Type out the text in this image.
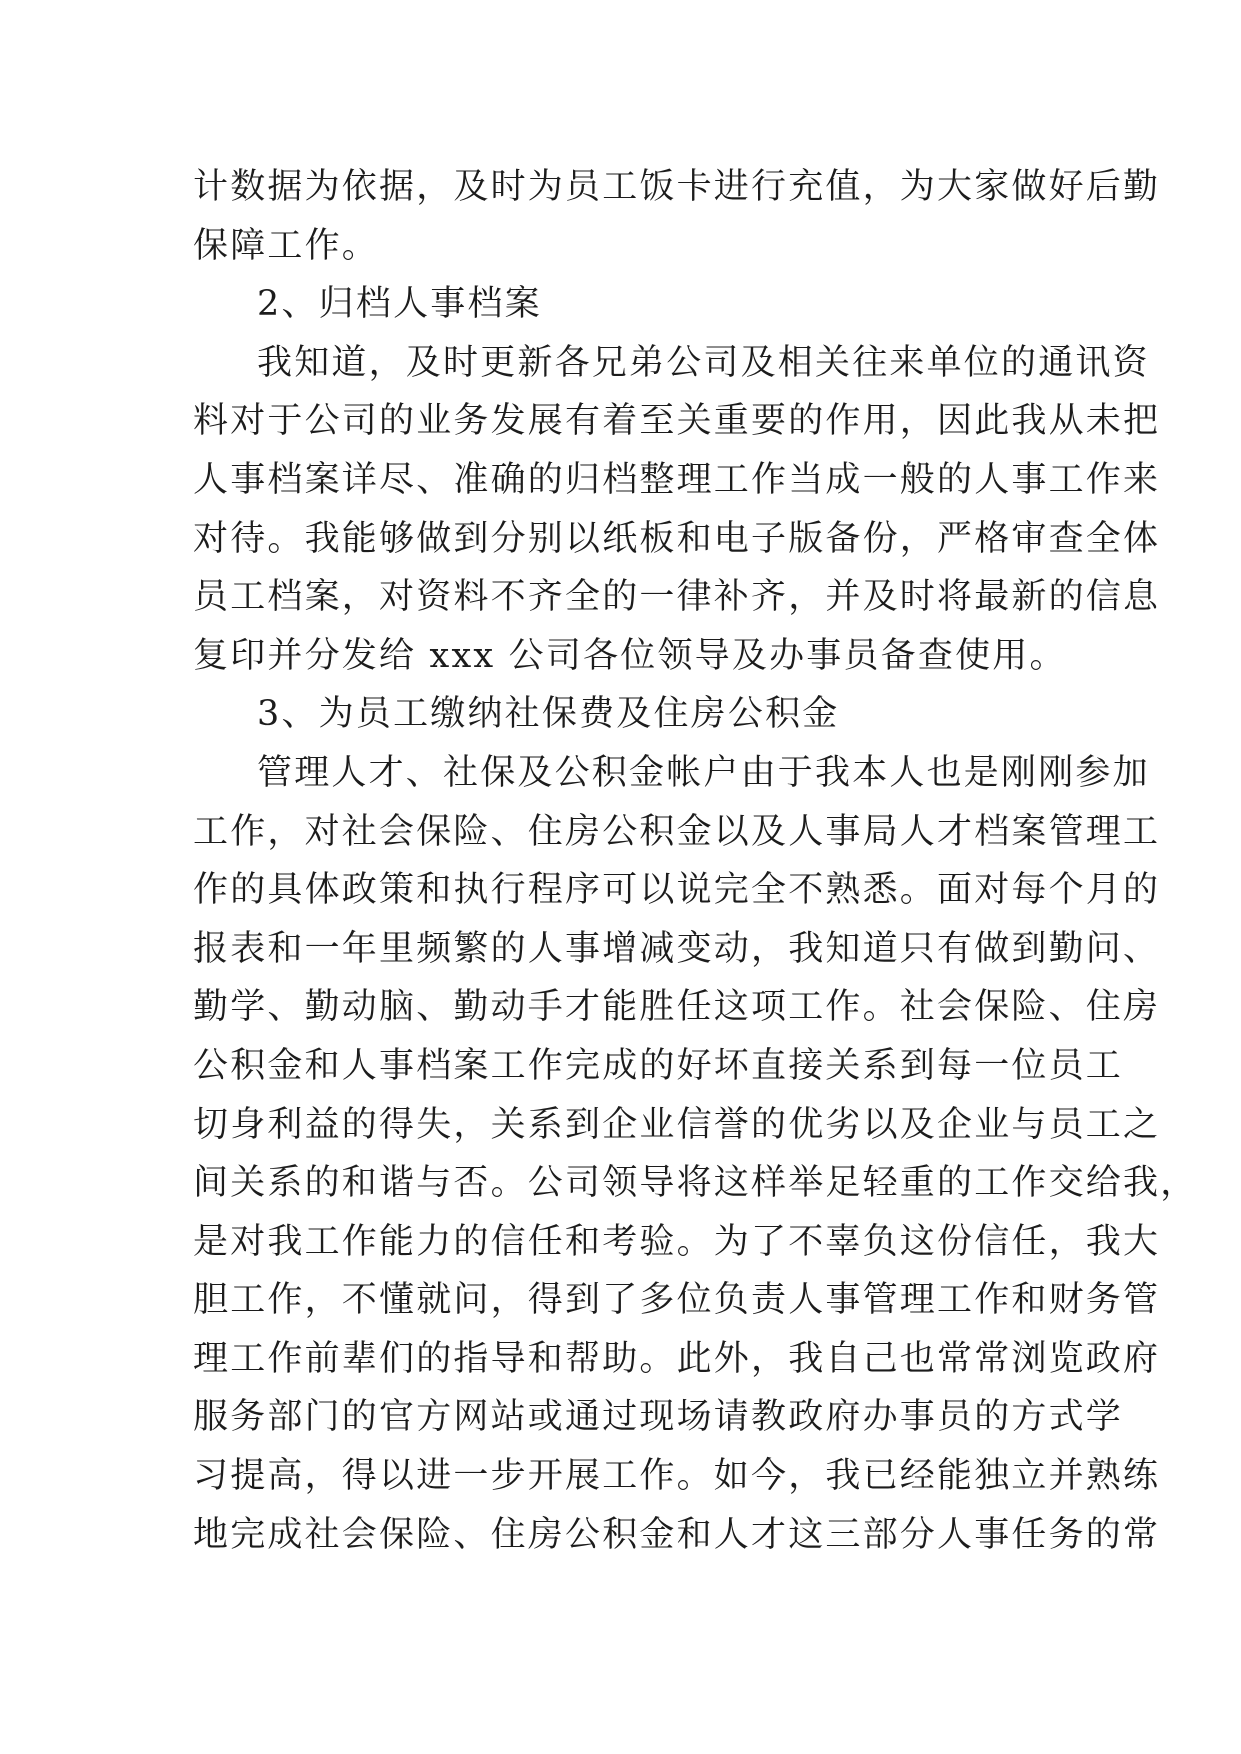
计数据为依据，及时为员工饭卡进行充值，为大家做好后勤
保障工作。
2、归档人事档案
我知道，及时更新各兄弟公司及相关往来单位的通讯资
料对于公司的业务发展有着至关重要的作用，因此我从未把
人事档案详尽、准确的归档整理工作当成一般的人事工作来
对待。我能够做到分别以纸板和电子版备份，严格审查全体
员工档案，对资料不齐全的一律补齐，并及时将最新的信息
复印并分发给 xxx 公司各位领导及办事员备查使用。
3、为员工缴纳社保费及住房公积金
管理人才、社保及公积金帐户由于我本人也是刚刚参加
工作，对社会保险、住房公积金以及人事局人才档案管理工
作的具体政策和执行程序可以说完全不熟悉。面对每个月的
报表和一年里频繁的人事增减变动，我知道只有做到勤问、
勤学、勤动脑、勤动手才能胜任这项工作。社会保险、住房
公积金和人事档案工作完成的好坏直接关系到每一位员工
切身利益的得失，关系到企业信誉的优劣以及企业与员工之
间关系的和谐与否。公司领导将这样举足轻重的工作交给我，
是对我工作能力的信任和考验。为了不辜负这份信任，我大
胆工作，不懂就问，得到了多位负责人事管理工作和财务管
理工作前辈们的指导和帮助。此外，我自己也常常浏览政府
服务部门的官方网站或通过现场请教政府办事员的方式学
习提高，得以进一步开展工作。如今，我已经能独立并熟练
地完成社会保险、住房公积金和人才这三部分人事任务的常
